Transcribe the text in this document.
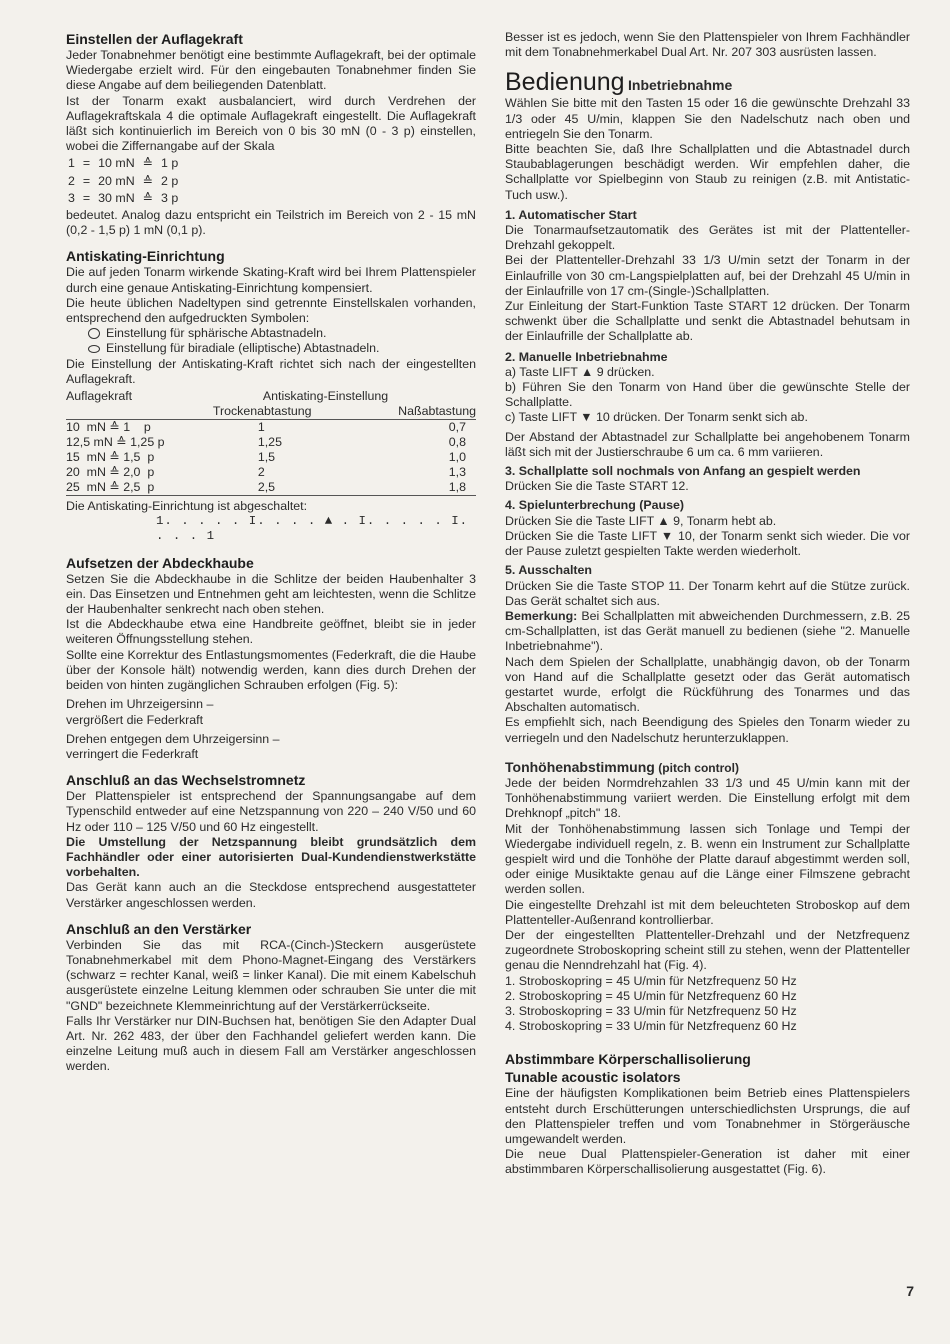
Einstellen der Auflagekraft

Jeder Tonabnehmer benötigt eine bestimmte Auflagekraft, bei der optimale Wiedergabe erzielt wird. Für den eingebauten Tonabnehmer finden Sie diese Angabe auf dem beiliegenden Datenblatt.

Ist der Tonarm exakt ausbalanciert, wird durch Verdrehen der Auflagekraftskala 4 die optimale Auflagekraft eingestellt. Die Auflagekraft läßt sich kontinuierlich im Bereich von 0 bis 30 mN (0 - 3 p) einstellen, wobei die Ziffernangabe auf der Skala

1	=	10 mN	≙	1 p
2	=	20 mN	≙	2 p
3	=	30 mN	≙	3 p

bedeutet. Analog dazu entspricht ein Teilstrich im Bereich von 2 - 15 mN (0,2 - 1,5 p) 1 mN (0,1 p).

Antiskating-Einrichtung

Die auf jeden Tonarm wirkende Skating-Kraft wird bei Ihrem Plattenspieler durch eine genaue Antiskating-Einrichtung kompensiert.

Die heute üblichen Nadeltypen sind getrennte Einstellskalen vorhanden, entsprechend den aufgedruckten Symbolen:

Einstellung für sphärische Abtastnadeln.
Einstellung für biradiale (elliptische) Abtastnadeln.

Die Einstellung der Antiskating-Kraft richtet sich nach der eingestellten Auflagekraft.

Auflagekraft	Antiskating-Einstellung	
	Trockenabtastung	Naßabtastung
10  mN ≙ 1    p	1	0,7
12,5 mN ≙ 1,25 p	1,25	0,8
15  mN ≙ 1,5  p	1,5	1,0
20  mN ≙ 2,0  p	2	1,3
25  mN ≙ 2,5  p	2,5	1,8

Die Antiskating-Einrichtung ist abgeschaltet:

1. . . . . I. . . . ▲ . I. . . . . I. . . . 1
Aufsetzen der Abdeckhaube

Setzen Sie die Abdeckhaube in die Schlitze der beiden Haubenhalter 3 ein. Das Einsetzen und Entnehmen geht am leichtesten, wenn die Schlitze der Haubenhalter senkrecht nach oben stehen.

Ist die Abdeckhaube etwa eine Handbreite geöffnet, bleibt sie in jeder weiteren Öffnungsstellung stehen.

Sollte eine Korrektur des Entlastungsmomentes (Federkraft, die die Haube über der Konsole hält) notwendig werden, kann dies durch Drehen der beiden von hinten zugänglichen Schrauben erfolgen (Fig. 5):

Drehen im Uhrzeigersinn –

vergrößert die Federkraft

Drehen entgegen dem Uhrzeigersinn –

verringert die Federkraft

Anschluß an das Wechselstromnetz

Der Plattenspieler ist entsprechend der Spannungsangabe auf dem Typenschild entweder auf eine Netzspannung von 220 – 240 V/50 und 60 Hz oder 110 – 125 V/50 und 60 Hz eingestellt.

Die Umstellung der Netzspannung bleibt grundsätzlich dem Fachhändler oder einer autorisierten Dual-Kundendienstwerkstätte vorbehalten.

Das Gerät kann auch an die Steckdose entsprechend ausgestatteter Verstärker angeschlossen werden.

Anschluß an den Verstärker

Verbinden Sie das mit RCA-(Cinch-)Steckern ausgerüstete Tonabnehmerkabel mit dem Phono-Magnet-Eingang des Verstärkers (schwarz = rechter Kanal, weiß = linker Kanal). Die mit einem Kabelschuh ausgerüstete einzelne Leitung klemmen oder schrauben Sie unter die mit "GND" bezeichnete Klemmeinrichtung auf der Verstärkerrückseite.

Falls Ihr Verstärker nur DIN-Buchsen hat, benötigen Sie den Adapter Dual Art. Nr. 262 483, der über den Fachhandel geliefert werden kann. Die einzelne Leitung muß auch in diesem Fall am Verstärker angeschlossen werden.

Besser ist es jedoch, wenn Sie den Plattenspieler von Ihrem Fachhändler mit dem Tonabnehmerkabel Dual Art. Nr. 207 303 ausrüsten lassen.

Bedienung Inbetriebnahme

Wählen Sie bitte mit den Tasten 15 oder 16 die gewünschte Drehzahl 33 1/3 oder 45 U/min, klappen Sie den Nadelschutz nach oben und entriegeln Sie den Tonarm.

Bitte beachten Sie, daß Ihre Schallplatten und die Abtastnadel durch Staubablagerungen beschädigt werden. Wir empfehlen daher, die Schallplatte vor Spielbeginn von Staub zu reinigen (z.B. mit Antistatic-Tuch usw.).

1. Automatischer Start

Die Tonarmaufsetzautomatik des Gerätes ist mit der Plattenteller-Drehzahl gekoppelt.

Bei der Plattenteller-Drehzahl 33 1/3 U/min setzt der Tonarm in der Einlaufrille von 30 cm-Langspielplatten auf, bei der Drehzahl 45 U/min in der Einlaufrille von 17 cm-(Single-)Schallplatten.

Zur Einleitung der Start-Funktion Taste START 12 drücken. Der Tonarm schwenkt über die Schallplatte und senkt die Abtastnadel behutsam in der Einlaufrille der Schallplatte ab.

2. Manuelle Inbetriebnahme

a) Taste LIFT ▲ 9 drücken.

b) Führen Sie den Tonarm von Hand über die gewünschte Stelle der Schallplatte.

c) Taste LIFT ▼ 10 drücken. Der Tonarm senkt sich ab.

Der Abstand der Abtastnadel zur Schallplatte bei angehobenem Tonarm läßt sich mit der Justierschraube 6 um ca. 6 mm variieren.

3. Schallplatte soll nochmals von Anfang an gespielt werden

Drücken Sie die Taste START 12.

4. Spielunterbrechung (Pause)

Drücken Sie die Taste LIFT ▲ 9, Tonarm hebt ab.

Drücken Sie die Taste LIFT ▼ 10, der Tonarm senkt sich wieder. Die vor der Pause zuletzt gespielten Takte werden wiederholt.

5. Ausschalten

Drücken Sie die Taste STOP 11. Der Tonarm kehrt auf die Stütze zurück. Das Gerät schaltet sich aus.

Bemerkung: Bei Schallplatten mit abweichenden Durchmessern, z.B. 25 cm-Schallplatten, ist das Gerät manuell zu bedienen (siehe "2. Manuelle Inbetriebnahme").

Nach dem Spielen der Schallplatte, unabhängig davon, ob der Tonarm von Hand auf die Schallplatte gesetzt oder das Gerät automatisch gestartet wurde, erfolgt die Rückführung des Tonarmes und das Abschalten automatisch.

Es empfiehlt sich, nach Beendigung des Spieles den Tonarm wieder zu verriegeln und den Nadelschutz herunterzuklappen.

Tonhöhenabstimmung (pitch control)

Jede der beiden Normdrehzahlen 33 1/3 und 45 U/min kann mit der Tonhöhenabstimmung variiert werden. Die Einstellung erfolgt mit dem Drehknopf „pitch" 18.

Mit der Tonhöhenabstimmung lassen sich Tonlage und Tempi der Wiedergabe individuell regeln, z. B. wenn ein Instrument zur Schallplatte gespielt wird und die Tonhöhe der Platte darauf abgestimmt werden soll, oder einige Musiktakte genau auf die Länge einer Filmszene gebracht werden sollen.

Die eingestellte Drehzahl ist mit dem beleuchteten Stroboskop auf dem Plattenteller-Außenrand kontrollierbar.

Der der eingestellten Plattenteller-Drehzahl und der Netzfrequenz zugeordnete Stroboskopring scheint still zu stehen, wenn der Plattenteller genau die Nenndrehzahl hat (Fig. 4).

1. Stroboskopring = 45 U/min für Netzfrequenz 50 Hz

2. Stroboskopring = 45 U/min für Netzfrequenz 60 Hz

3. Stroboskopring = 33 U/min für Netzfrequenz 50 Hz

4. Stroboskopring = 33 U/min für Netzfrequenz 60 Hz

Abstimmbare Körperschallisolierung
Tunable acoustic isolators

Eine der häufigsten Komplikationen beim Betrieb eines Plattenspielers entsteht durch Erschütterungen unterschiedlichsten Ursprungs, die auf den Plattenspieler treffen und vom Tonabnehmer in Störgeräusche umgewandelt werden.

Die neue Dual Plattenspieler-Generation ist daher mit einer abstimmbaren Körperschallisolierung ausgestattet (Fig. 6).

7
